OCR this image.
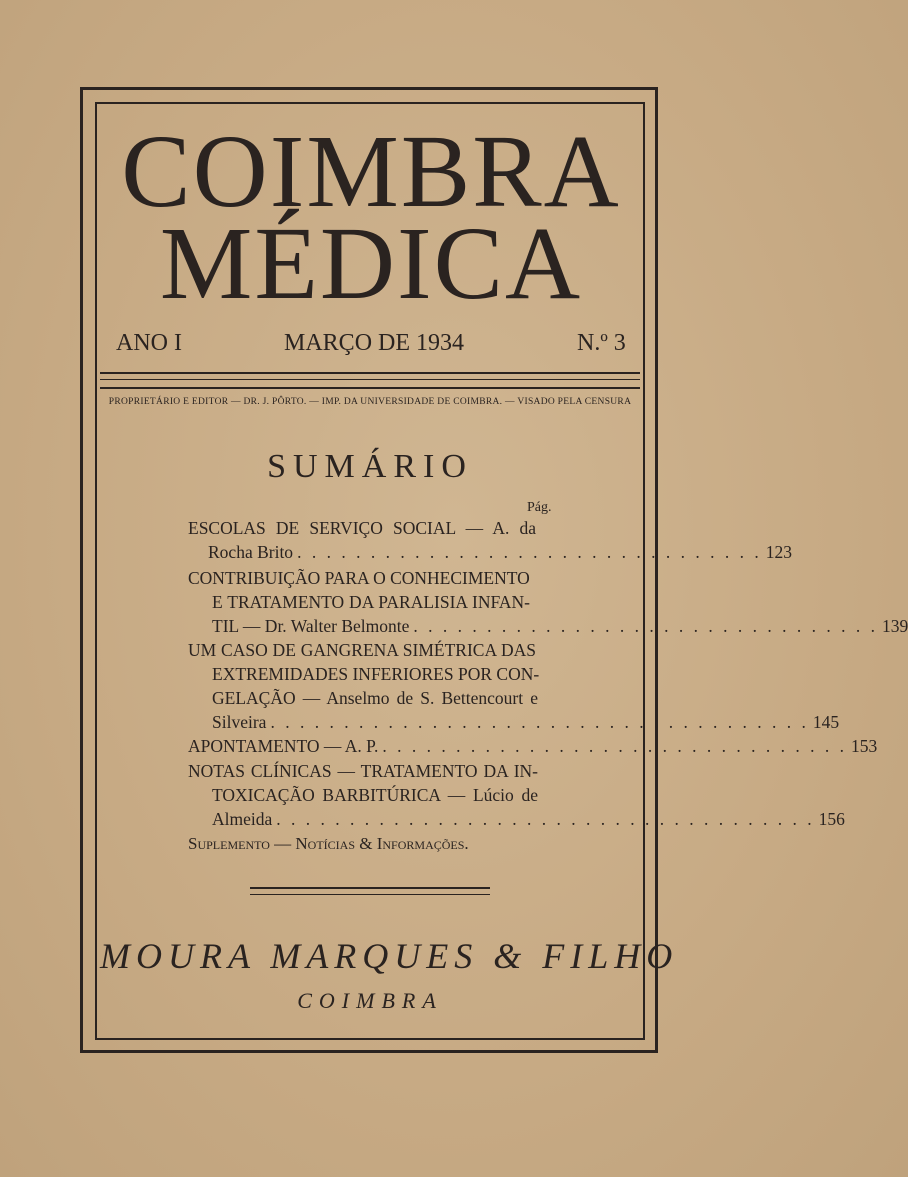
COIMBRA
MÉDICA
ANO I	MARÇO DE 1934	N.º 3
PROPRIETÁRIO E EDITOR — DR. J. PÔRTO. — IMP. DA UNIVERSIDADE DE COIMBRA. — VISADO PELA CENSURA
SUMÁRIO
Pág.
ESCOLAS DE SERVIÇO SOCIAL — A. da
Rocha Brito . . . . . . . . . . . . . . . . . . . . . . . . . . . . . . . . 123
CONTRIBUIÇÃO PARA O CONHECIMENTO
E TRATAMENTO DA PARALISIA INFAN-
TIL — Dr. Walter Belmonte . . . . . . . . . . . . . . . . . . . . . . . . . . . . . . . . 139
UM CASO DE GANGRENA SIMÉTRICA DAS
EXTREMIDADES INFERIORES POR CON-
GELAÇÃO — Anselmo de S. Bettencourt e
Silveira . . . . . . . . . . . . . . . . . . . . . . . . . . . . . . . . . . . . . 145
APONTAMENTO — A. P. . . . . . . . . . . . . . . . . . . . . . . . . . . . . . . . . 153
NOTAS CLÍNICAS — TRATAMENTO DA IN-
TOXICAÇÃO BARBITÚRICA — Lúcio de
Almeida . . . . . . . . . . . . . . . . . . . . . . . . . . . . . . . . . . . . . 156
Suplemento — Notícias & Informações.
MOURA MARQUES & FILHO
COIMBRA
